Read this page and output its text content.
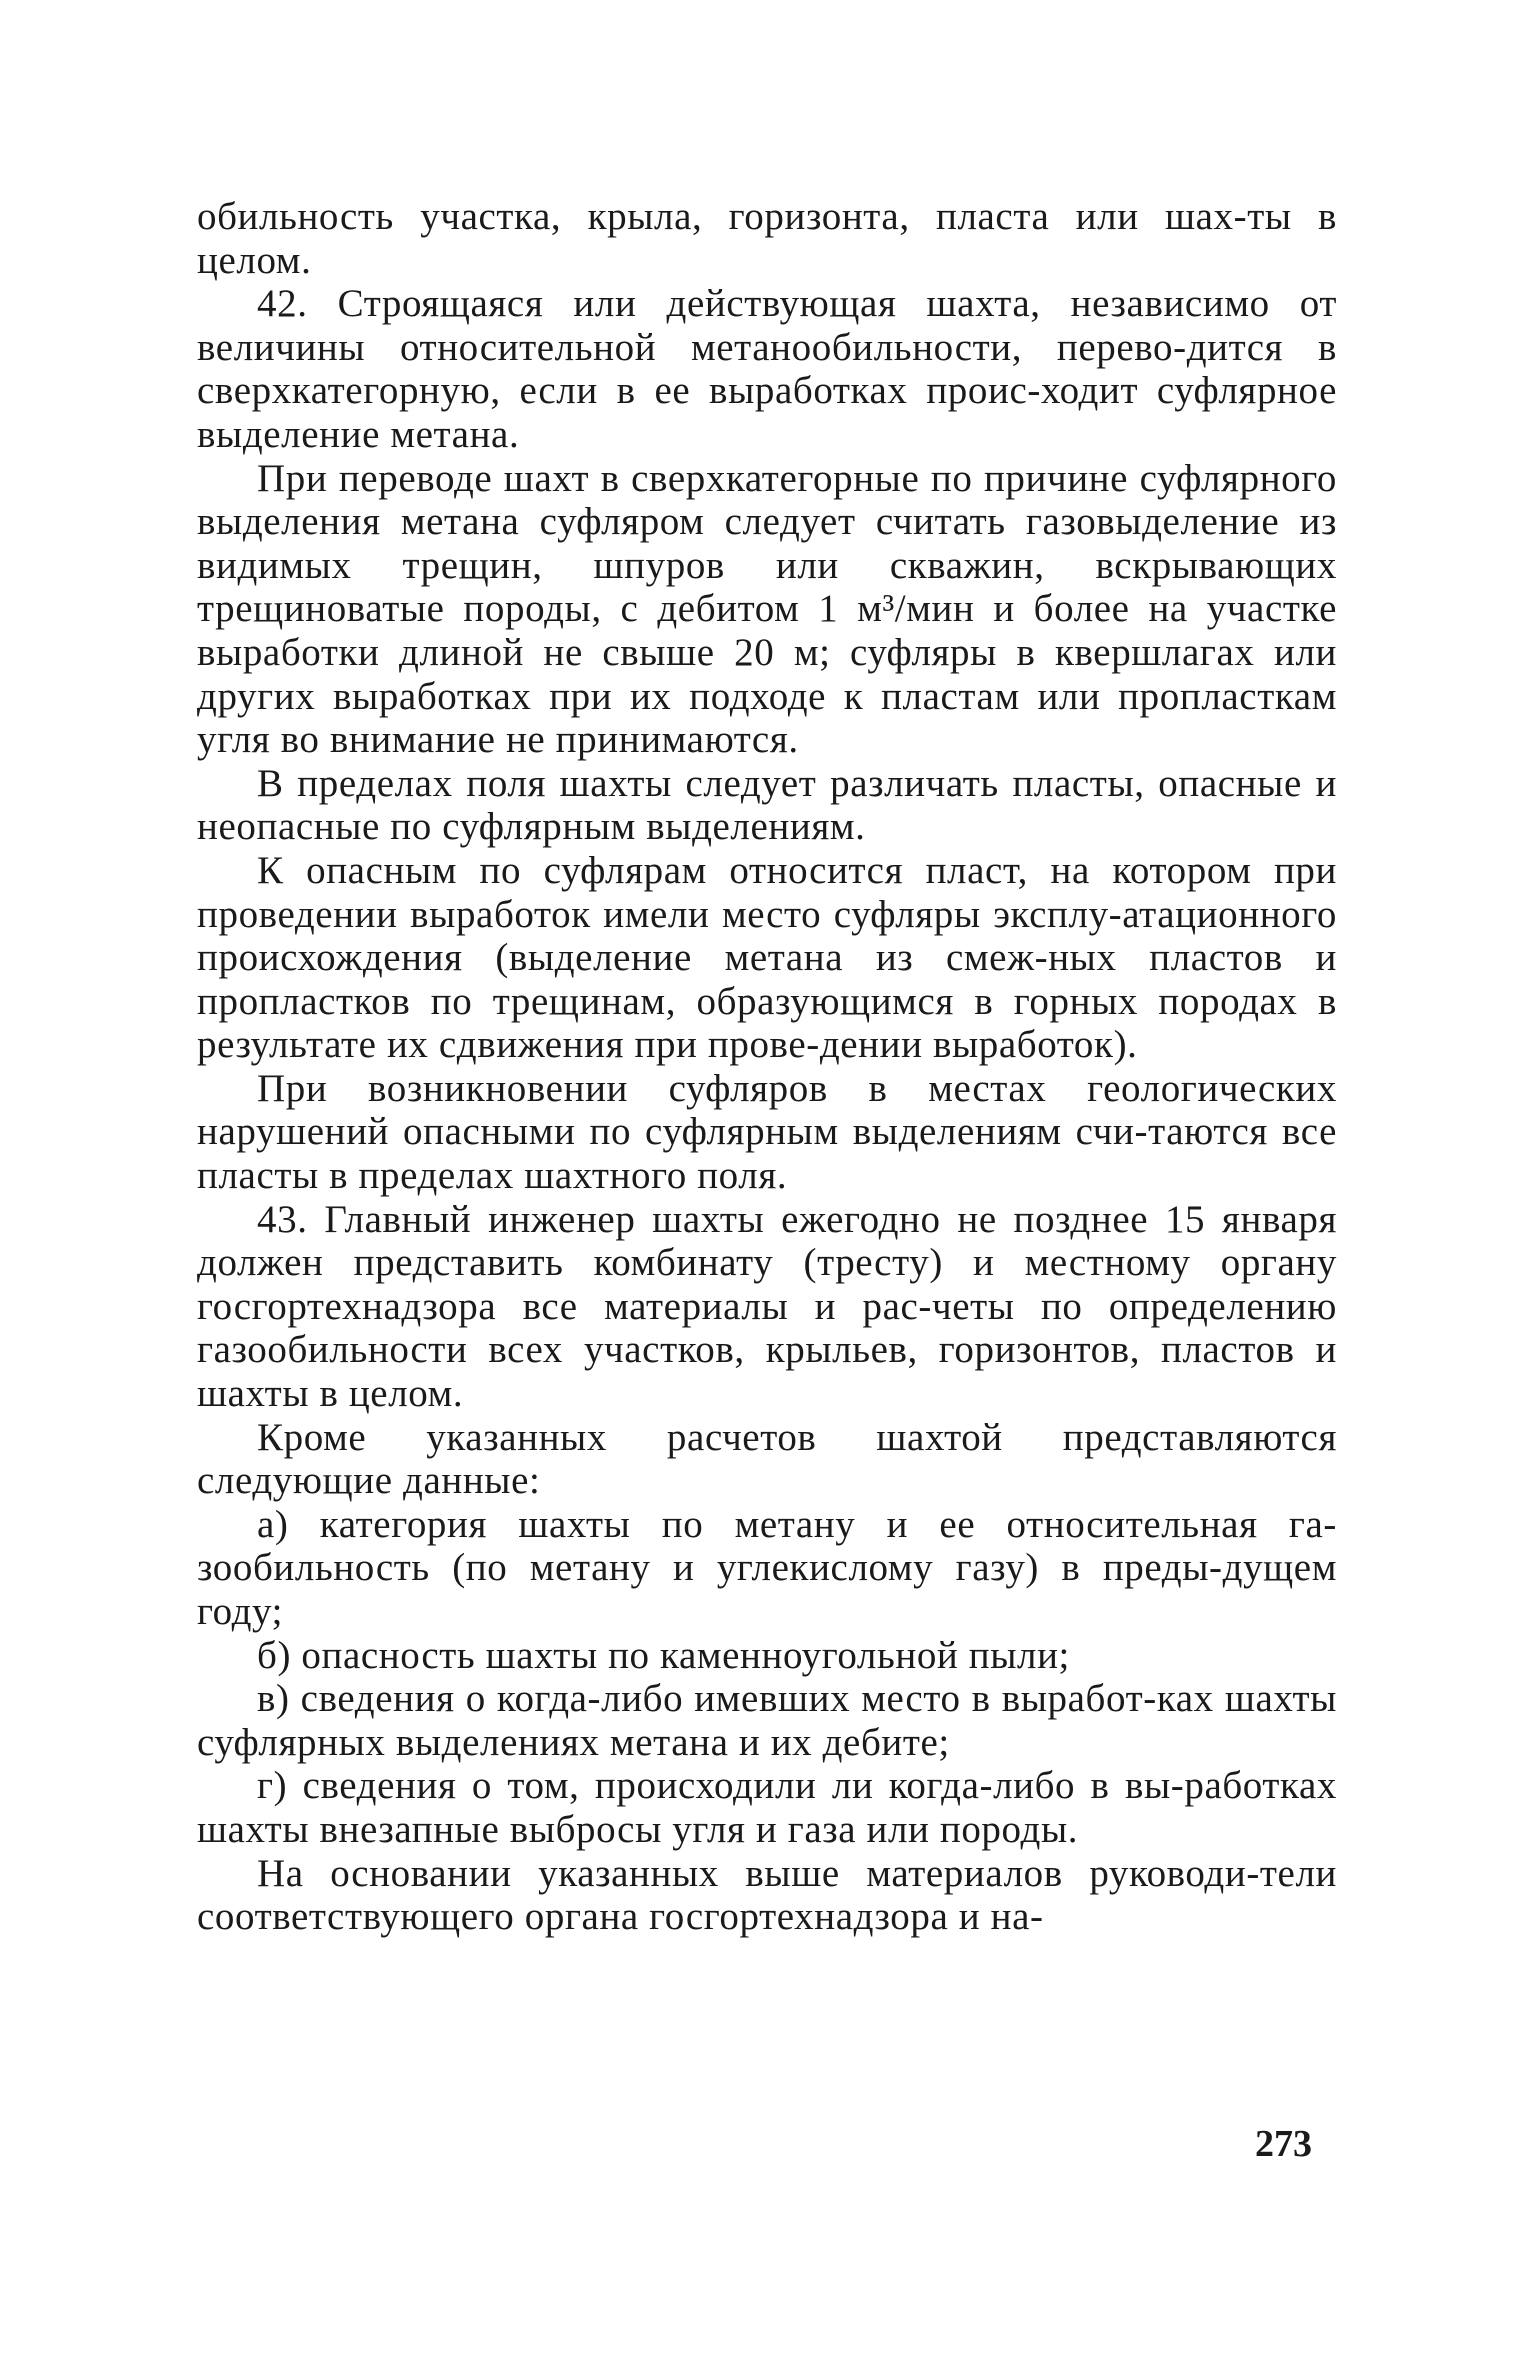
обильность участка, крыла, горизонта, пласта или шах-ты в целом.

42. Строящаяся или действующая шахта, независимо от величины относительной метанообильности, перево-дится в сверхкатегорную, если в ее выработках проис-ходит суфлярное выделение метана.

При переводе шахт в сверхкатегорные по причине суфлярного выделения метана суфляром следует считать газовыделение из видимых трещин, шпуров или скважин, вскрывающих трещиноватые породы, с дебитом 1 м³/мин и более на участке выработки длиной не свыше 20 м; суфляры в квершлагах или других выработках при их подходе к пластам или пропласткам угля во внимание не принимаются.

В пределах поля шахты следует различать пласты, опасные и неопасные по суфлярным выделениям.

К опасным по суфлярам относится пласт, на котором при проведении выработок имели место суфляры эксплу-атационного происхождения (выделение метана из смеж-ных пластов и пропластков по трещинам, образующимся в горных породах в результате их сдвижения при прове-дении выработок).

При возникновении суфляров в местах геологических нарушений опасными по суфлярным выделениям счи-таются все пласты в пределах шахтного поля.

43. Главный инженер шахты ежегодно не позднее 15 января должен представить комбинату (тресту) и местному органу госгортехнадзора все материалы и рас-четы по определению газообильности всех участков, крыльев, горизонтов, пластов и шахты в целом.

Кроме указанных расчетов шахтой представляются следующие данные:

а) категория шахты по метану и ее относительная га-зообильность (по метану и углекислому газу) в преды-дущем году;

б) опасность шахты по каменноугольной пыли;

в) сведения о когда-либо имевших место в выработ-ках шахты суфлярных выделениях метана и их дебите;

г) сведения о том, происходили ли когда-либо в вы-работках шахты внезапные выбросы угля и газа или породы.

На основании указанных выше материалов руководи-тели соответствующего органа госгортехнадзора и на-

273
